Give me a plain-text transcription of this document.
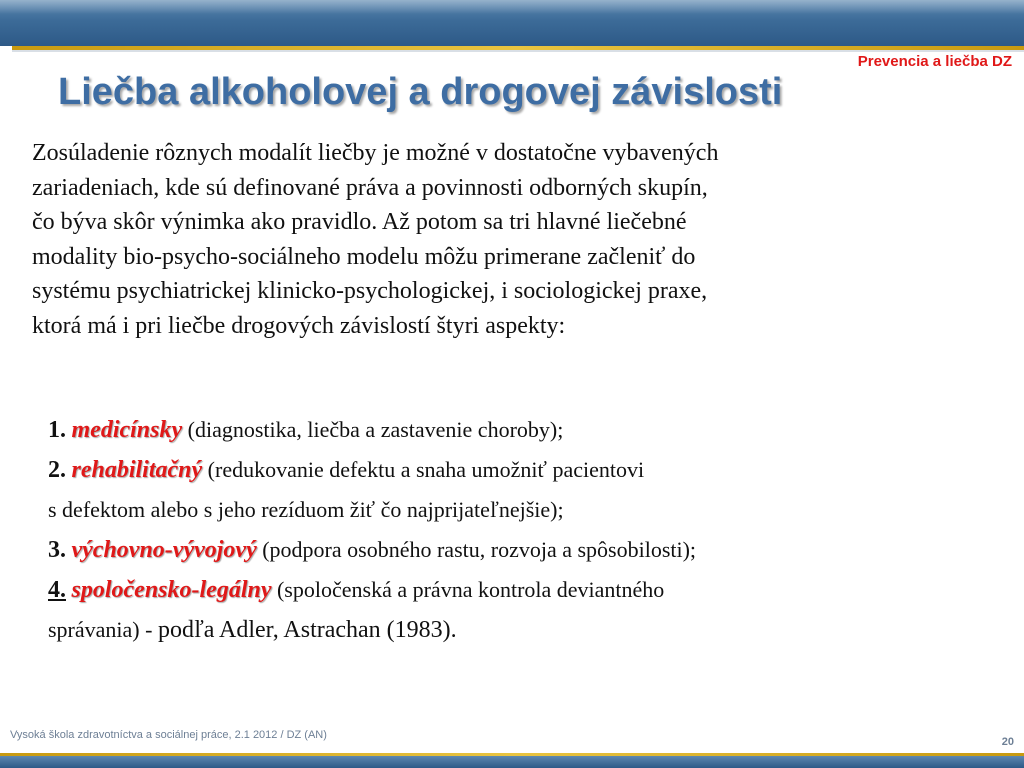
Prevencia a liečba DZ
Liečba alkoholovej a drogovej závislosti
Zosúladenie rôznych modalít liečby je možné v dostatočne vybavených
zariadeniach, kde sú definované práva a povinnosti odborných skupín,
čo býva skôr výnimka ako pravidlo. Až potom sa tri hlavné liečebné
modality bio-psycho-sociálneho modelu môžu primerane začleniť do
systému psychiatrickej klinicko-psychologickej, i sociologickej praxe,
ktorá má i pri liečbe drogových závislostí štyri aspekty:
1. medicínsky (diagnostika, liečba a zastavenie choroby);
2. rehabilitačný (redukovanie defektu a snaha umožniť pacientovi
s defektom alebo s jeho rezíduom žiť čo najprijateľnejšie);
3. výchovno-vývojový (podpora osobného rastu, rozvoja a spôsobilosti);
4. spoločensko-legálny (spoločenská a právna kontrola deviantného
správania) - podľa Adler, Astrachan (1983).
Vysoká škola zdravotníctva a sociálnej práce, 2.1 2012 / DZ (AN)
20
